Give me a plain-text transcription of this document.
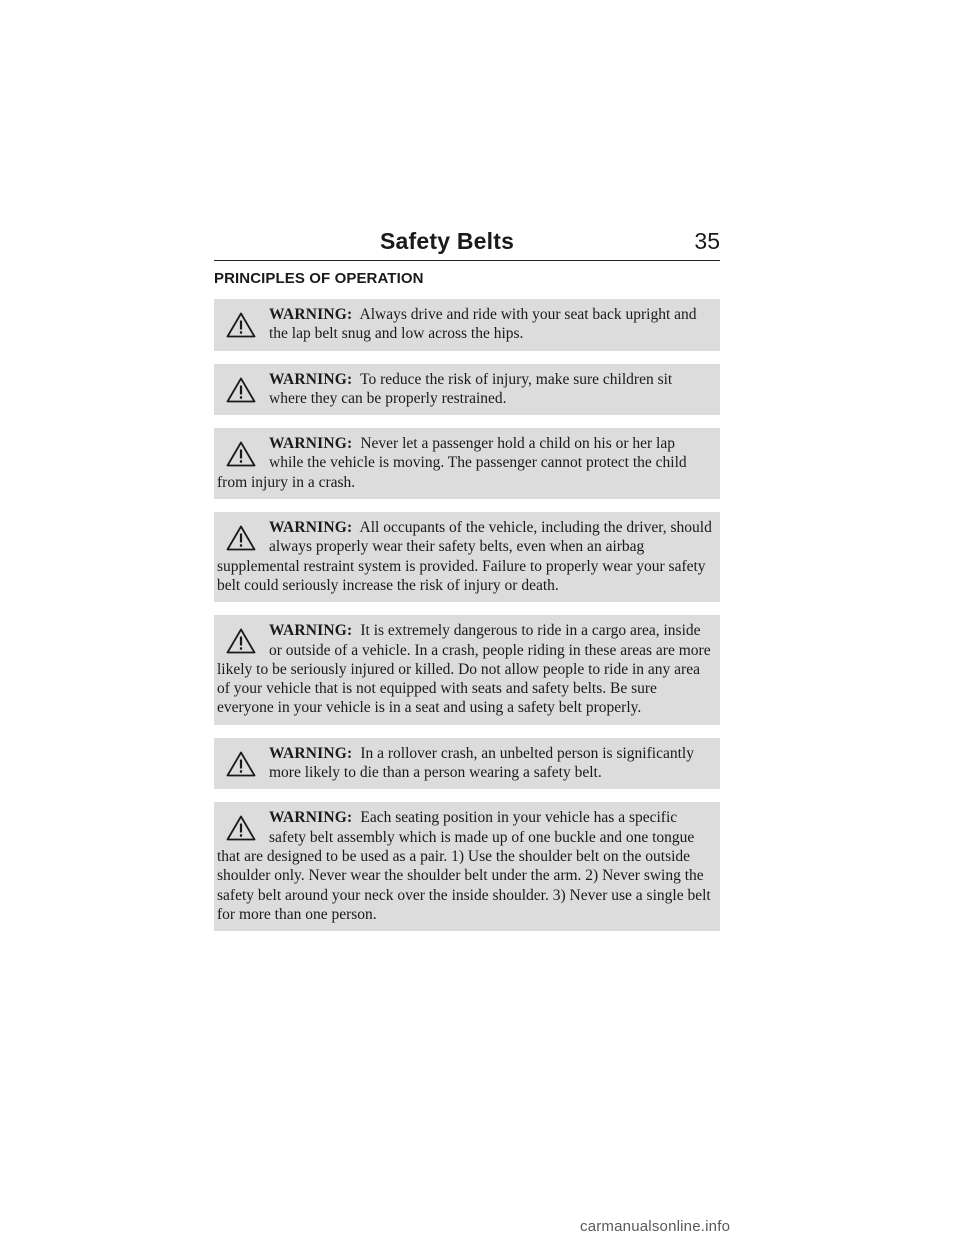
Safety Belts	35
PRINCIPLES OF OPERATION
WARNING:  Always drive and ride with your seat back upright and the lap belt snug and low across the hips.
WARNING:  To reduce the risk of injury, make sure children sit where they can be properly restrained.
WARNING:  Never let a passenger hold a child on his or her lap while the vehicle is moving. The passenger cannot protect the child from injury in a crash.
WARNING:  All occupants of the vehicle, including the driver, should always properly wear their safety belts, even when an airbag supplemental restraint system is provided. Failure to properly wear your safety belt could seriously increase the risk of injury or death.
WARNING:  It is extremely dangerous to ride in a cargo area, inside or outside of a vehicle. In a crash, people riding in these areas are more likely to be seriously injured or killed. Do not allow people to ride in any area of your vehicle that is not equipped with seats and safety belts. Be sure everyone in your vehicle is in a seat and using a safety belt properly.
WARNING:  In a rollover crash, an unbelted person is significantly more likely to die than a person wearing a safety belt.
WARNING:  Each seating position in your vehicle has a specific safety belt assembly which is made up of one buckle and one tongue that are designed to be used as a pair. 1) Use the shoulder belt on the outside shoulder only. Never wear the shoulder belt under the arm. 2) Never swing the safety belt around your neck over the inside shoulder. 3) Never use a single belt for more than one person.
carmanualsonline.info
